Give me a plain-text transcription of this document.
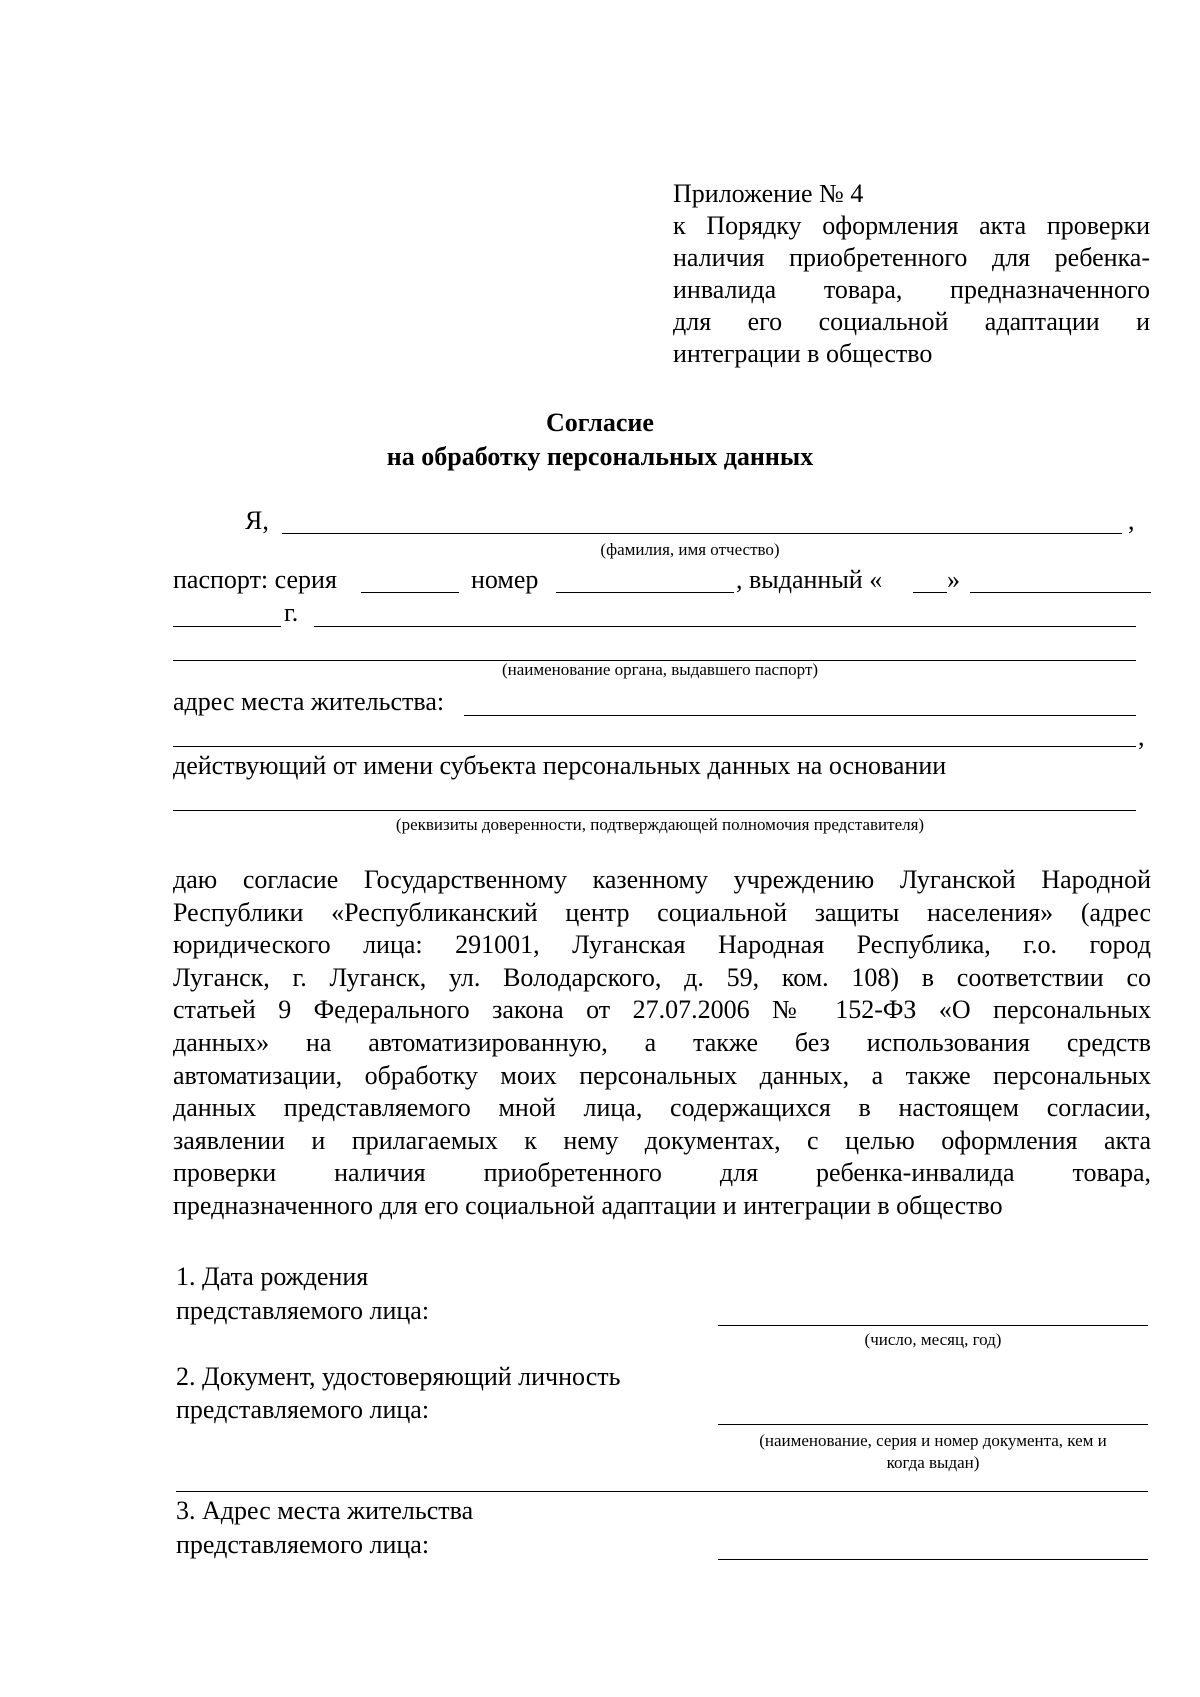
Приложение № 4
к Порядку оформления акта проверки
наличия приобретенного для ребенка-
инвалида товара, предназначенного
для его социальной адаптации и
интеграции в общество
Согласие
на обработку персональных данных
Я,	,
(фамилия, имя отчество)
паспорт: серия	номер	, выданный « »
г.
(наименование органа, выдавшего паспорт)
адрес места жительства:
,
действующий от имени субъекта персональных данных на основании
(реквизиты доверенности, подтверждающей полномочия представителя)
даю согласие Государственному казенному учреждению Луганской Народной
Республики «Республиканский центр социальной защиты населения» (адрес
юридического лица: 291001, Луганская Народная Республика, г.о. город
Луганск, г. Луганск, ул. Володарского, д. 59, ком. 108) в соответствии со
статьей 9 Федерального закона от 27.07.2006 № 152-ФЗ «О персональных
данных» на автоматизированную, а также без использования средств
автоматизации, обработку моих персональных данных, а также персональных
данных представляемого мной лица, содержащихся в настоящем согласии,
заявлении и прилагаемых к нему документах, с целью оформления акта
проверки наличия приобретенного для ребенка-инвалида товара,
предназначенного для его социальной адаптации и интеграции в общество
1. Дата рождения
представляемого лица:
(число, месяц, год)
2. Документ, удостоверяющий личность
представляемого лица:
(наименование, серия и номер документа, кем и
когда выдан)
3. Адрес места жительства
представляемого лица:
